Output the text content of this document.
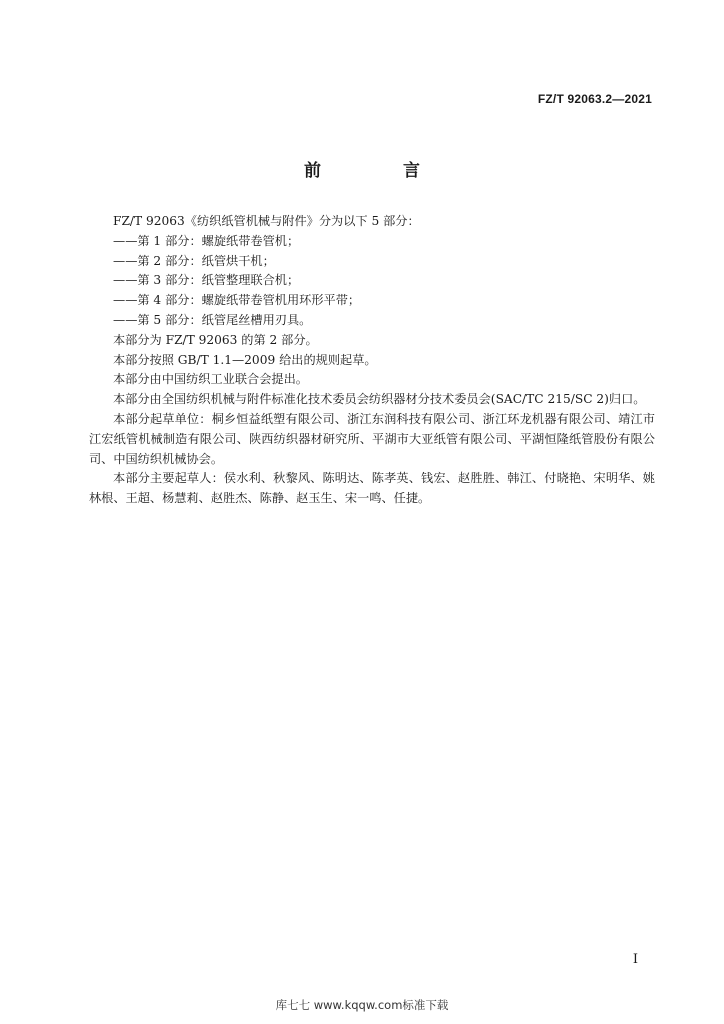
FZ/T 92063.2—2021
前 言

FZ/T 92063《纺织纸管机械与附件》分为以下 5 部分：

——第 1 部分：螺旋纸带卷管机；

——第 2 部分：纸管烘干机；

——第 3 部分：纸管整理联合机；

——第 4 部分：螺旋纸带卷管机用环形平带；

——第 5 部分：纸管尾丝槽用刃具。

本部分为 FZ/T 92063 的第 2 部分。

本部分按照 GB/T 1.1—2009 给出的规则起草。

本部分由中国纺织工业联合会提出。

本部分由全国纺织机械与附件标准化技术委员会纺织器材分技术委员会(SAC/TC 215/SC 2)归口。

本部分起草单位：桐乡恒益纸塑有限公司、浙江东润科技有限公司、浙江环龙机器有限公司、靖江市江宏纸管机械制造有限公司、陕西纺织器材研究所、平湖市大亚纸管有限公司、平湖恒隆纸管股份有限公司、中国纺织机械协会。

本部分主要起草人：侯水利、秋黎风、陈明达、陈孝英、钱宏、赵胜胜、韩江、付晓艳、宋明华、姚林根、王超、杨慧莉、赵胜杰、陈静、赵玉生、宋一鸣、任捷。

I
库七七 www.kqqw.com标准下载
